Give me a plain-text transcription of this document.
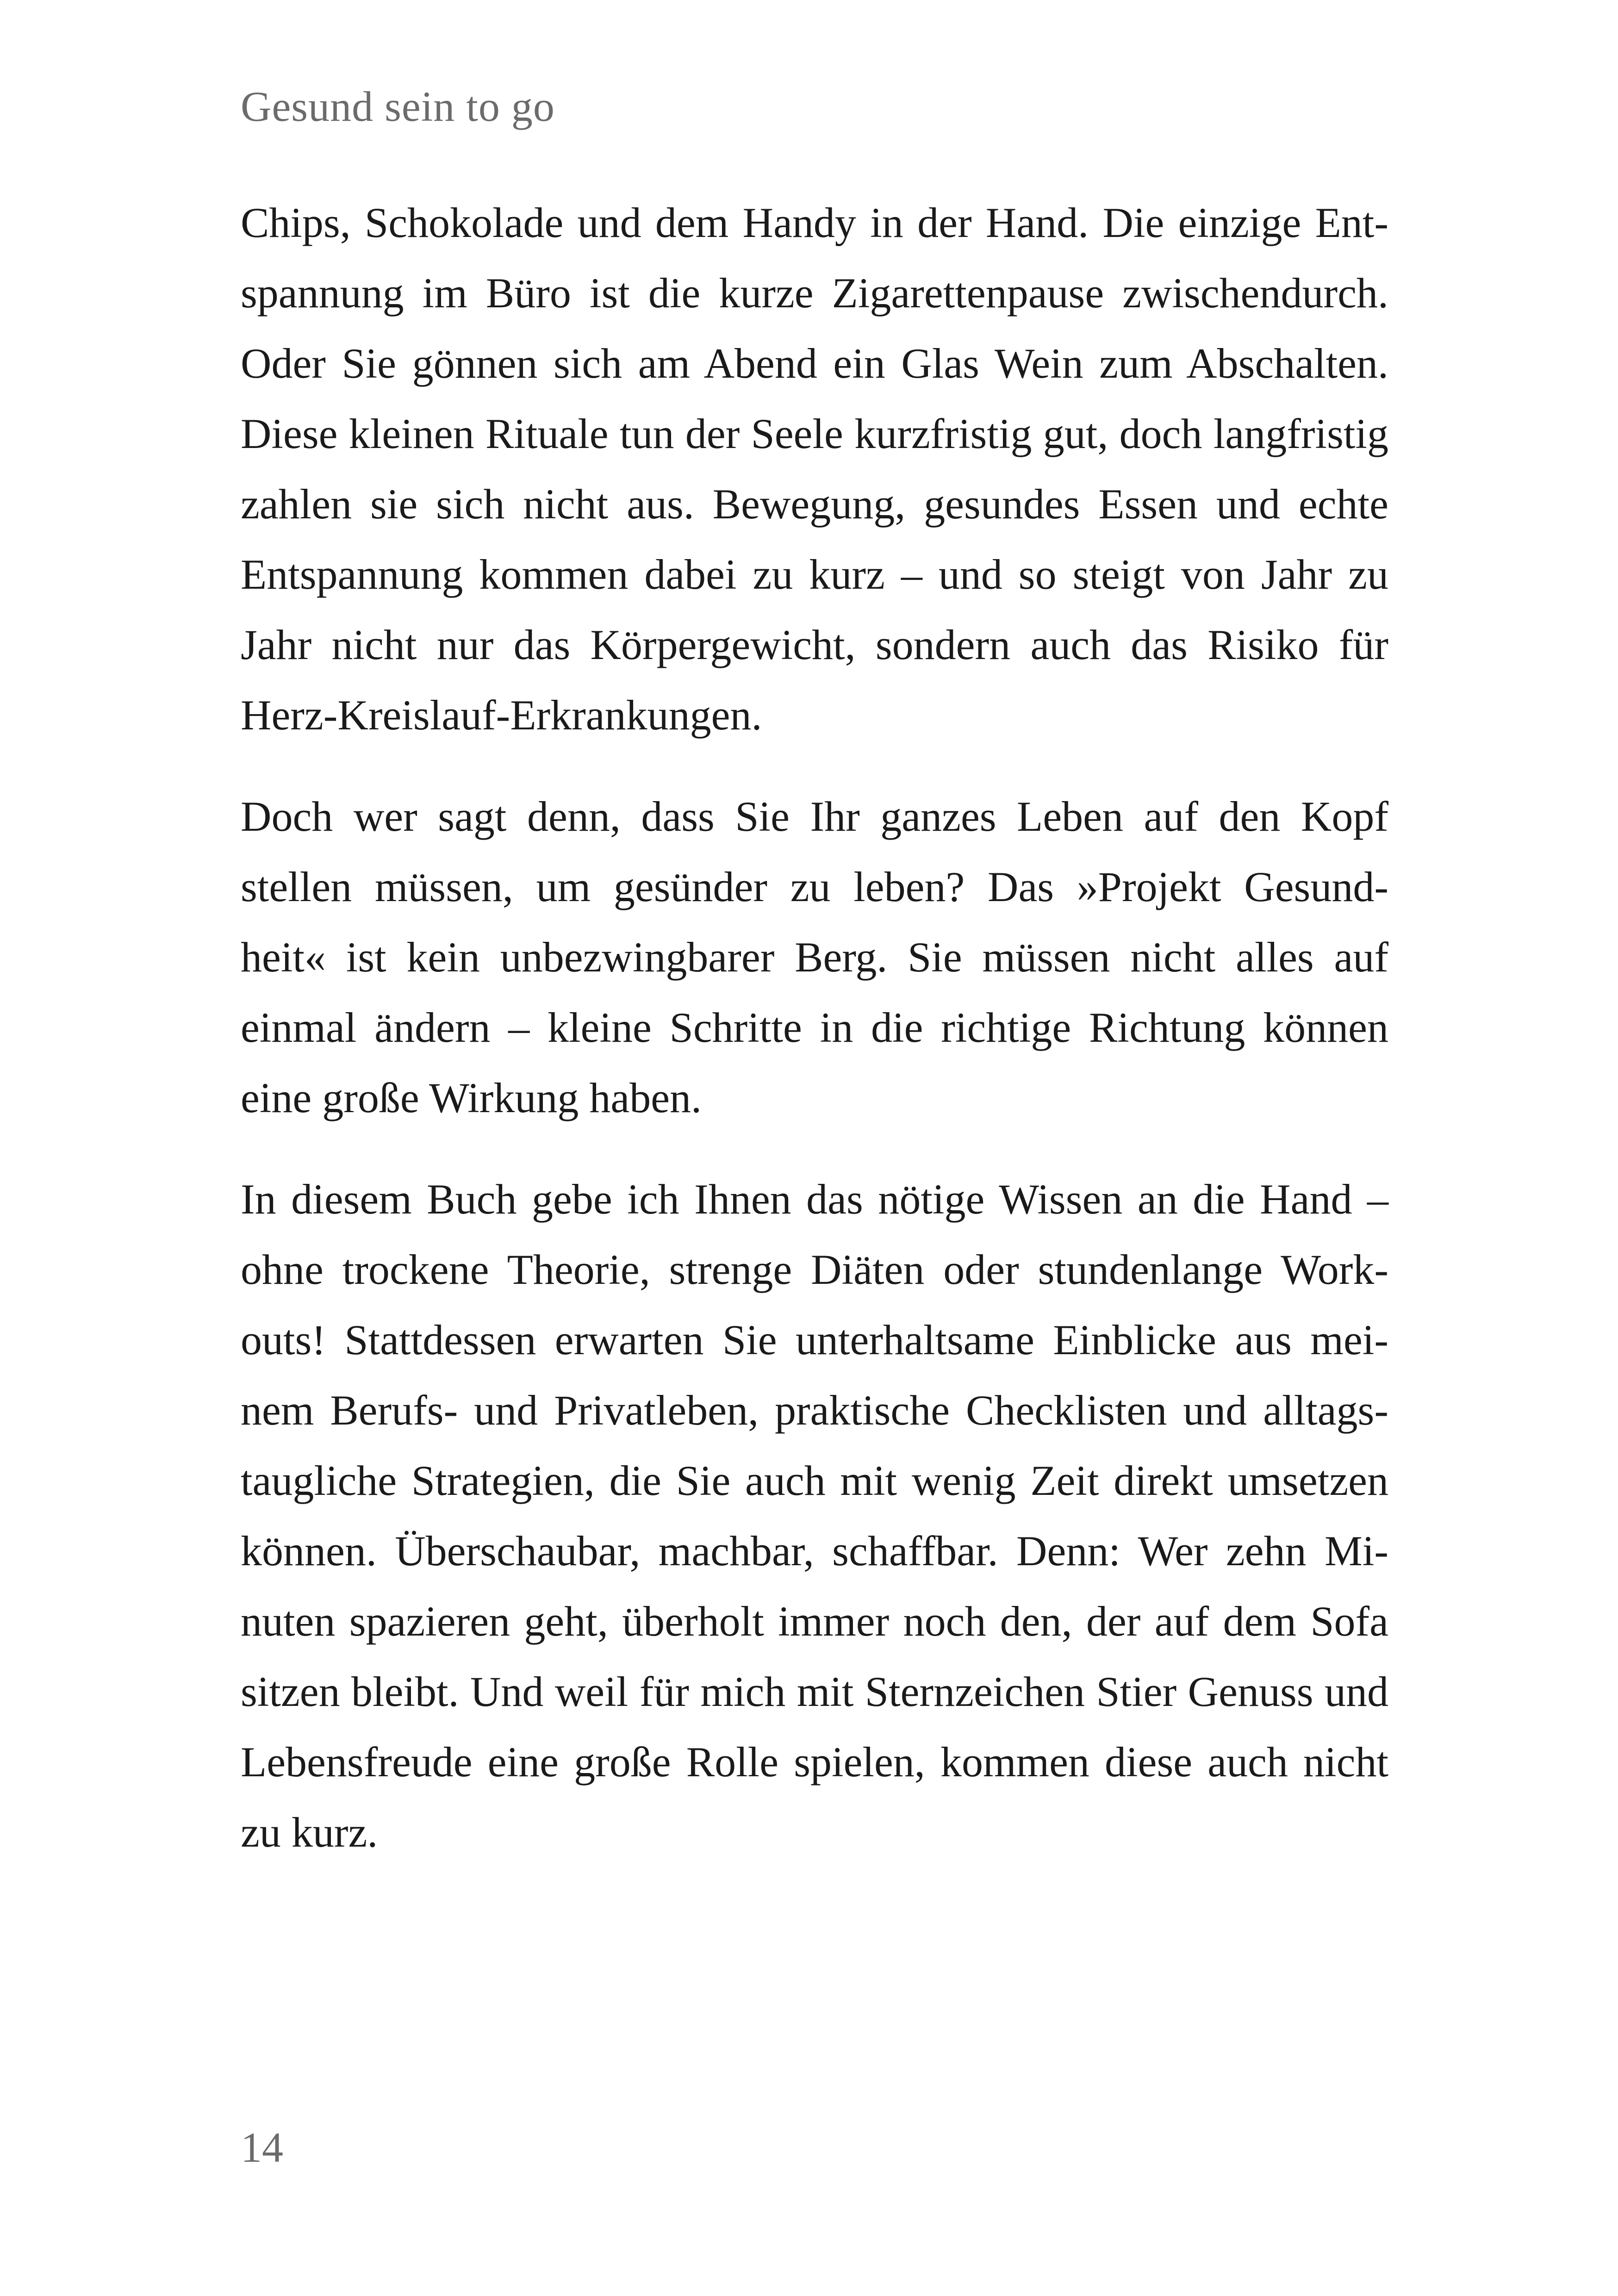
Gesund sein to go
Chips, Schokolade und dem Handy in der Hand. Die einzige Ent-
spannung im Büro ist die kurze Zigarettenpause zwischendurch.
Oder Sie gönnen sich am Abend ein Glas Wein zum Abschalten.
Diese kleinen Rituale tun der Seele kurzfristig gut, doch langfristig
zahlen sie sich nicht aus. Bewegung, gesundes Essen und echte
Entspannung kommen dabei zu kurz – und so steigt von Jahr zu
Jahr nicht nur das Körpergewicht, sondern auch das Risiko für
Herz-Kreislauf-Erkrankungen.
Doch wer sagt denn, dass Sie Ihr ganzes Leben auf den Kopf
stellen müssen, um gesünder zu leben? Das »Projekt Gesund-
heit« ist kein unbezwingbarer Berg. Sie müssen nicht alles auf
einmal ändern – kleine Schritte in die richtige Richtung können
eine große Wirkung haben.
In diesem Buch gebe ich Ihnen das nötige Wissen an die Hand –
ohne trockene Theorie, strenge Diäten oder stundenlange Work-
outs! Stattdessen erwarten Sie unterhaltsame Einblicke aus mei-
nem Berufs- und Privatleben, praktische Checklisten und alltags-
taugliche Strategien, die Sie auch mit wenig Zeit direkt umsetzen
können. Überschaubar, machbar, schaffbar. Denn: Wer zehn Mi-
nuten spazieren geht, überholt immer noch den, der auf dem Sofa
sitzen bleibt. Und weil für mich mit Sternzeichen Stier Genuss und
Lebensfreude eine große Rolle spielen, kommen diese auch nicht
zu kurz.
14
